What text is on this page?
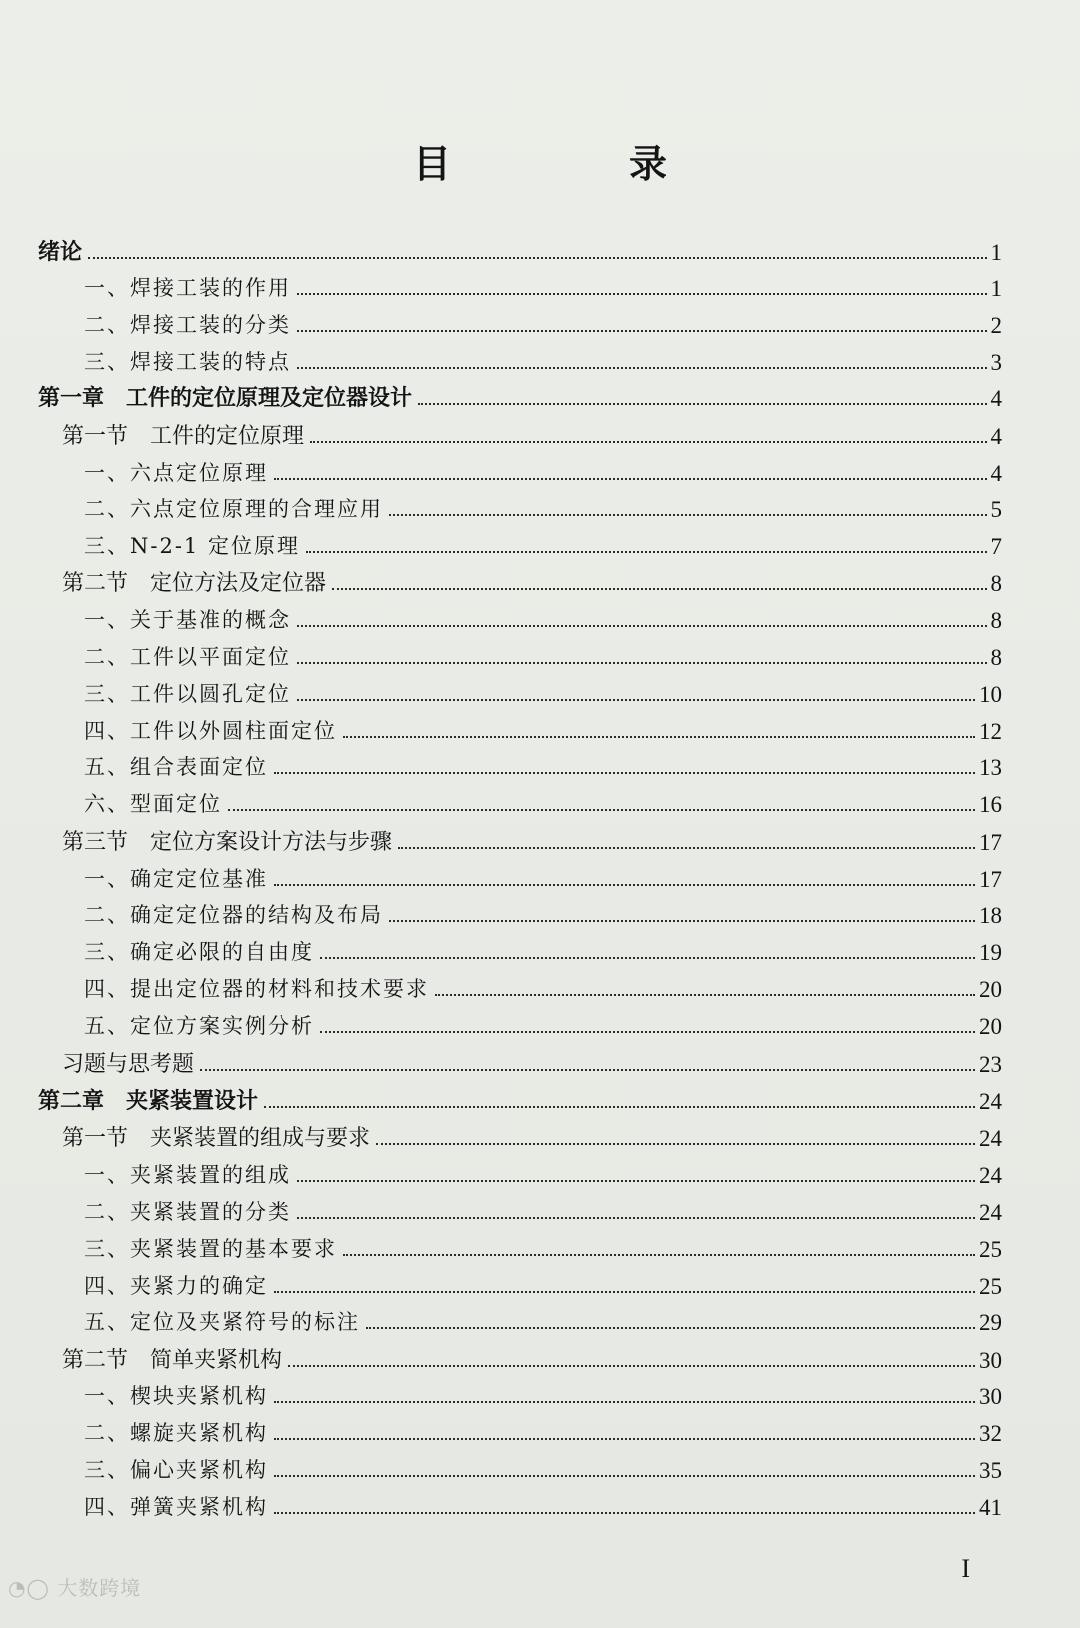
目　录
绪论	1
一、焊接工装的作用	1
二、焊接工装的分类	2
三、焊接工装的特点	3
第一章　工件的定位原理及定位器设计	4
第一节　工件的定位原理	4
一、六点定位原理	4
二、六点定位原理的合理应用	5
三、N-2-1 定位原理	7
第二节　定位方法及定位器	8
一、关于基准的概念	8
二、工件以平面定位	8
三、工件以圆孔定位	10
四、工件以外圆柱面定位	12
五、组合表面定位	13
六、型面定位	16
第三节　定位方案设计方法与步骤	17
一、确定定位基准	17
二、确定定位器的结构及布局	18
三、确定必限的自由度	19
四、提出定位器的材料和技术要求	20
五、定位方案实例分析	20
习题与思考题	23
第二章　夹紧装置设计	24
第一节　夹紧装置的组成与要求	24
一、夹紧装置的组成	24
二、夹紧装置的分类	24
三、夹紧装置的基本要求	25
四、夹紧力的确定	25
五、定位及夹紧符号的标注	29
第二节　简单夹紧机构	30
一、楔块夹紧机构	30
二、螺旋夹紧机构	32
三、偏心夹紧机构	35
四、弹簧夹紧机构	41
I
◔◯ 大数跨境
